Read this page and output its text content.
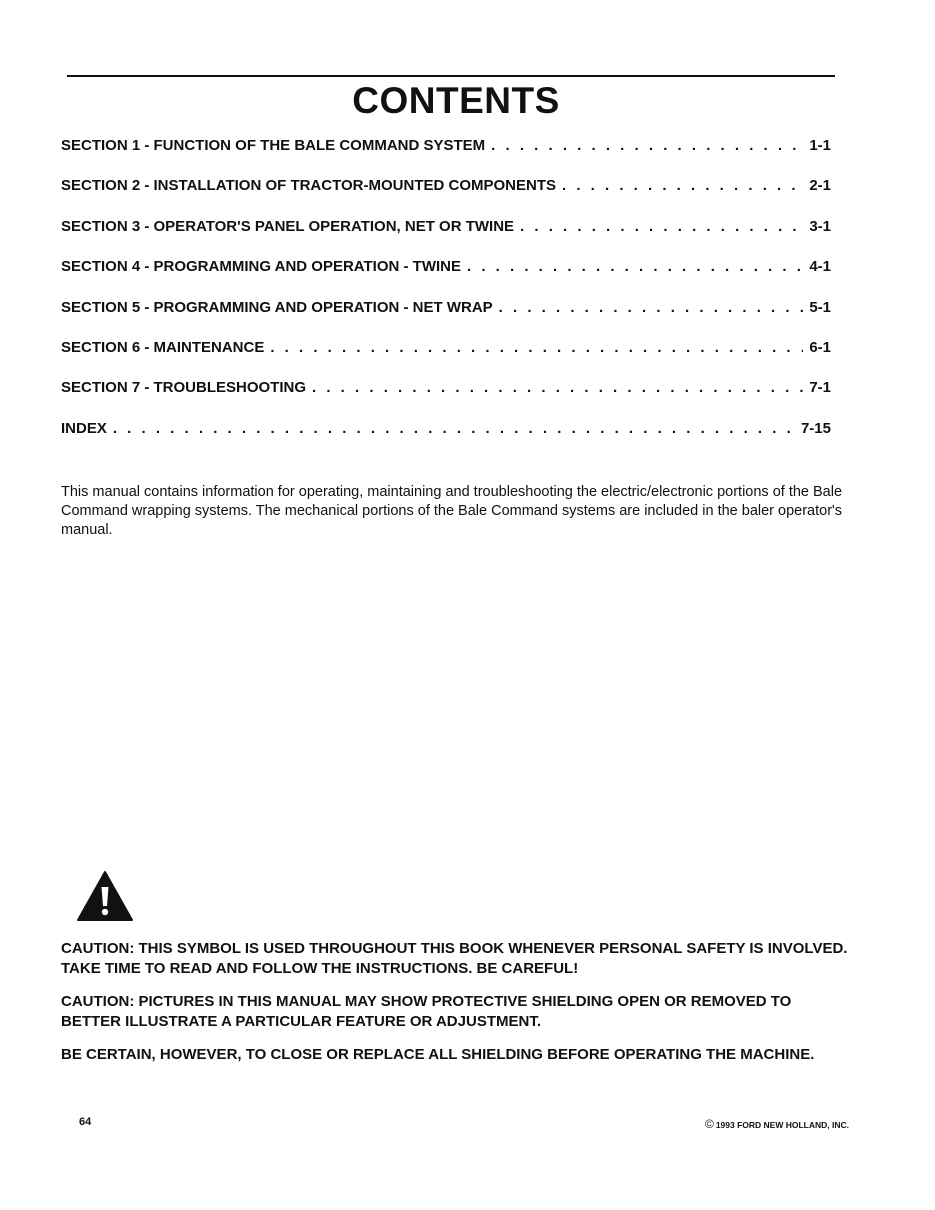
CONTENTS
SECTION 1 - FUNCTION OF THE BALE COMMAND SYSTEM . . .	1-1
SECTION 2 - INSTALLATION OF TRACTOR-MOUNTED COMPONENTS . . .	2-1
SECTION 3 - OPERATOR'S PANEL OPERATION, NET OR TWINE . . .	3-1
SECTION 4 - PROGRAMMING AND OPERATION - TWINE . . .	4-1
SECTION 5 - PROGRAMMING AND OPERATION - NET WRAP . . .	5-1
SECTION 6 - MAINTENANCE . . .	6-1
SECTION 7 - TROUBLESHOOTING . . .	7-1
INDEX . . .	7-15

This manual contains information for operating, maintaining and troubleshooting the electric/electronic portions of the Bale Command wrapping systems. The mechanical portions of the Bale Command systems are included in the baler operator's manual.

CAUTION: THIS SYMBOL IS USED THROUGHOUT THIS BOOK WHENEVER PERSONAL SAFETY IS INVOLVED. TAKE TIME TO READ AND FOLLOW THE INSTRUCTIONS. BE CAREFUL!

CAUTION: PICTURES IN THIS MANUAL MAY SHOW PROTECTIVE SHIELDING OPEN OR REMOVED TO BETTER ILLUSTRATE A PARTICULAR FEATURE OR ADJUSTMENT.

BE CERTAIN, HOWEVER, TO CLOSE OR REPLACE ALL SHIELDING BEFORE OPERATING THE MACHINE.

64	© 1993 FORD NEW HOLLAND, INC.
